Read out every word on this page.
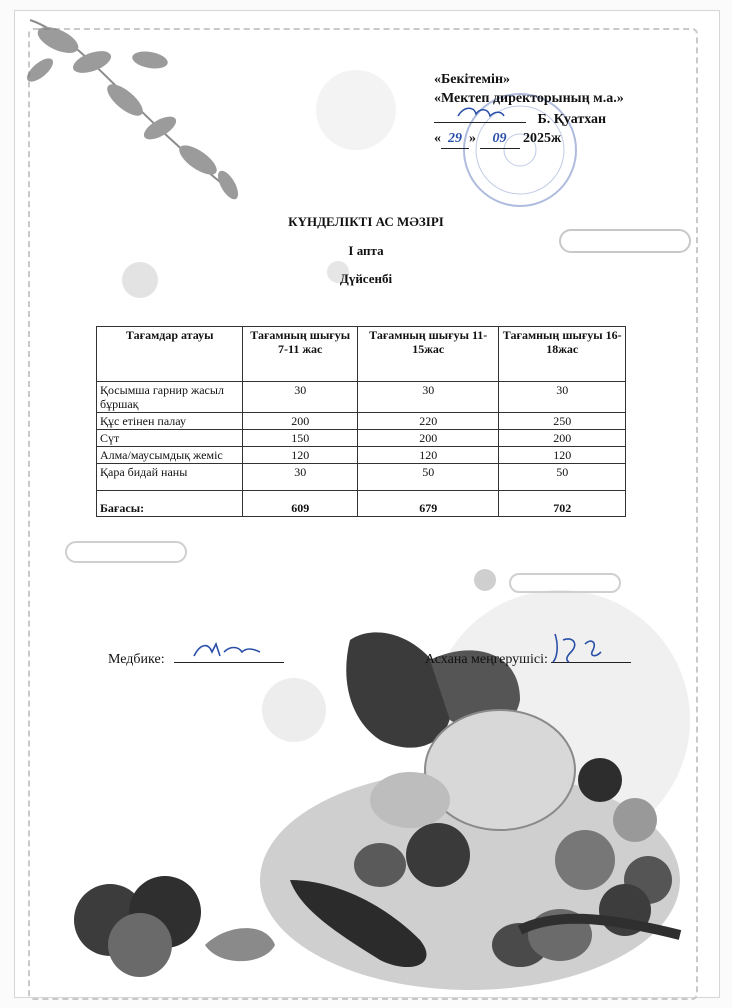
«Бекітемін»
«Мектеп директорының м.а.»
Б. Қуатхан
« 29 » 09 2025ж
КҮНДЕЛІКТІ АС МӘЗІРІ
І апта
Дүйсенбі
Тағамдар атауы	Тағамның шығуы 7-11 жас	Тағамның шығуы 11-15жас	Тағамның шығуы 16-18жас
Қосымша гарнир жасыл бұршақ	30	30	30
Құс етінен палау	200	220	250
Сүт	150	200	200
Алма/маусымдық жеміс	120	120	120
Қара бидай наны	30	50	50
Бағасы:	609	679	702
Медбике:	Асхана меңгерушісі:
